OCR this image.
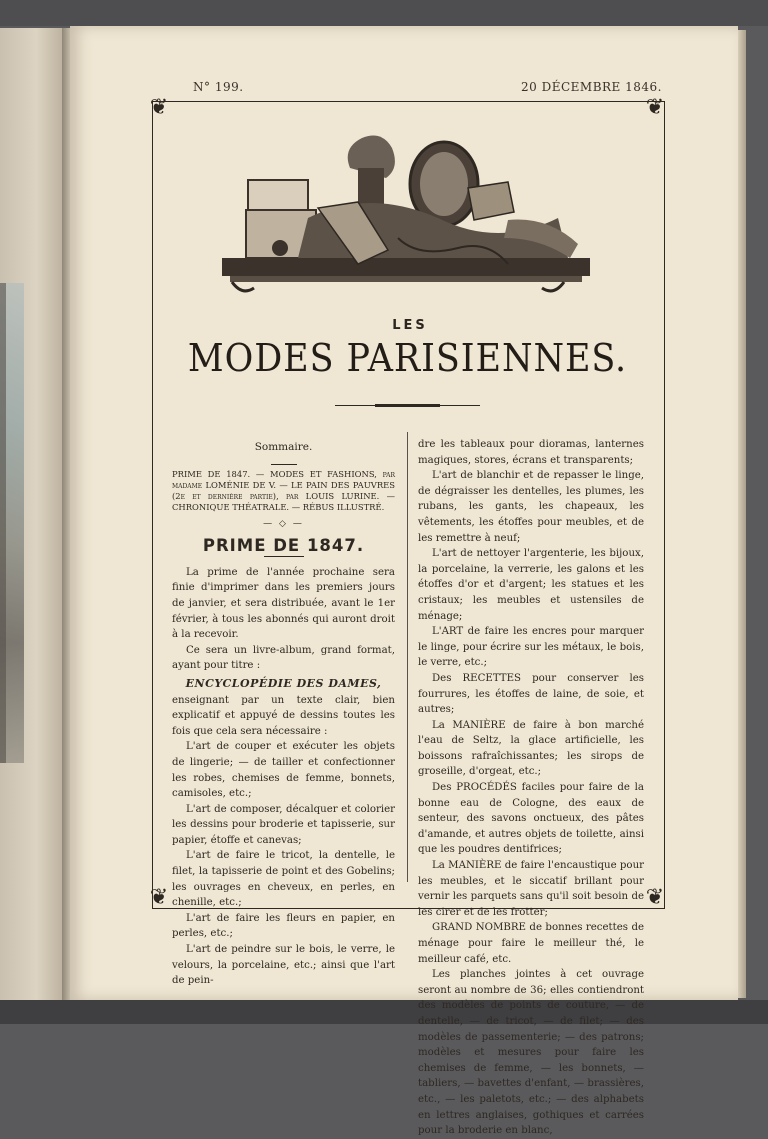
N° 199.	20 DÉCEMBRE 1846.
❦	❦
❦	❦
LES
MODES PARISIENNES.
Sommaire.
PRIME DE 1847. — MODES ET FASHIONS, par madame LOMÉNIE DE V. — LE PAIN DES PAUVRES (2e et dernière partie), par LOUIS LURINE. — CHRONIQUE THÉATRALE. — RÉBUS ILLUSTRÉ.
— ◇ —
PRIME DE 1847.

La prime de l'année prochaine sera finie d'imprimer dans les premiers jours de janvier, et sera distribuée, avant le 1er février, à tous les abonnés qui auront droit à la recevoir.

Ce sera un livre-album, grand format, ayant pour titre :

ENCYCLOPÉDIE DES DAMES,

enseignant par un texte clair, bien explicatif et appuyé de dessins toutes les fois que cela sera nécessaire :

L'art de couper et exécuter les objets de lingerie; — de tailler et confectionner les robes, chemises de femme, bonnets, camisoles, etc.;

L'art de composer, décalquer et colorier les dessins pour broderie et tapisserie, sur papier, étoffe et canevas;

L'art de faire le tricot, la dentelle, le filet, la tapisserie de point et des Gobelins; les ouvrages en cheveux, en perles, en chenille, etc.;

L'art de faire les fleurs en papier, en perles, etc.;

L'art de peindre sur le bois, le verre, le velours, la porcelaine, etc.; ainsi que l'art de pein-

dre les tableaux pour dioramas, lanternes magiques, stores, écrans et transparents;

L'art de blanchir et de repasser le linge, de dégraisser les dentelles, les plumes, les rubans, les gants, les chapeaux, les vêtements, les étoffes pour meubles, et de les remettre à neuf;

L'art de nettoyer l'argenterie, les bijoux, la porcelaine, la verrerie, les galons et les étoffes d'or et d'argent; les statues et les cristaux; les meubles et ustensiles de ménage;

L'ART de faire les encres pour marquer le linge, pour écrire sur les métaux, le bois, le verre, etc.;

Des RECETTES pour conserver les fourrures, les étoffes de laine, de soie, et autres;

La MANIÈRE de faire à bon marché l'eau de Seltz, la glace artificielle, les boissons rafraîchissantes; les sirops de groseille, d'orgeat, etc.;

Des PROCÉDÉS faciles pour faire de la bonne eau de Cologne, des eaux de senteur, des savons onctueux, des pâtes d'amande, et autres objets de toilette, ainsi que les poudres dentifrices;

La MANIÈRE de faire l'encaustique pour les meubles, et le siccatif brillant pour vernir les parquets sans qu'il soit besoin de les cirer et de les frotter;

GRAND NOMBRE de bonnes recettes de ménage pour faire le meilleur thé, le meilleur café, etc.

Les planches jointes à cet ouvrage seront au nombre de 36; elles contiendront des modèles de points de couture, — de dentelle, — de tricot, — de filet; — des modèles de passementerie; — des patrons; modèles et mesures pour faire les chemises de femme, — les bonnets, — tabliers, — bavettes d'enfant, — brassières, etc., — les paletots, etc.; — des alphabets en lettres anglaises, gothiques et carrées pour la broderie en blanc,
